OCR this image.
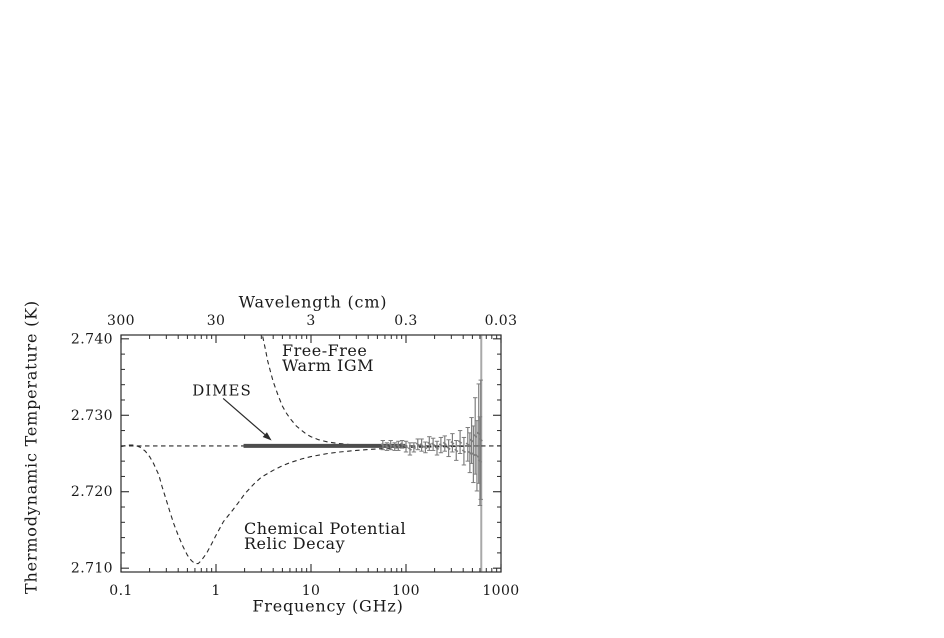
0.1
300
1
30
10
3
100
0.3
1000
0.03
2.710
2.720
2.730
2.740
Thermodynamic Temperature (K)
Frequency (GHz)
Wavelength (cm)
Free-Free
Warm IGM
Chemical Potential
Relic Decay
DIMES
